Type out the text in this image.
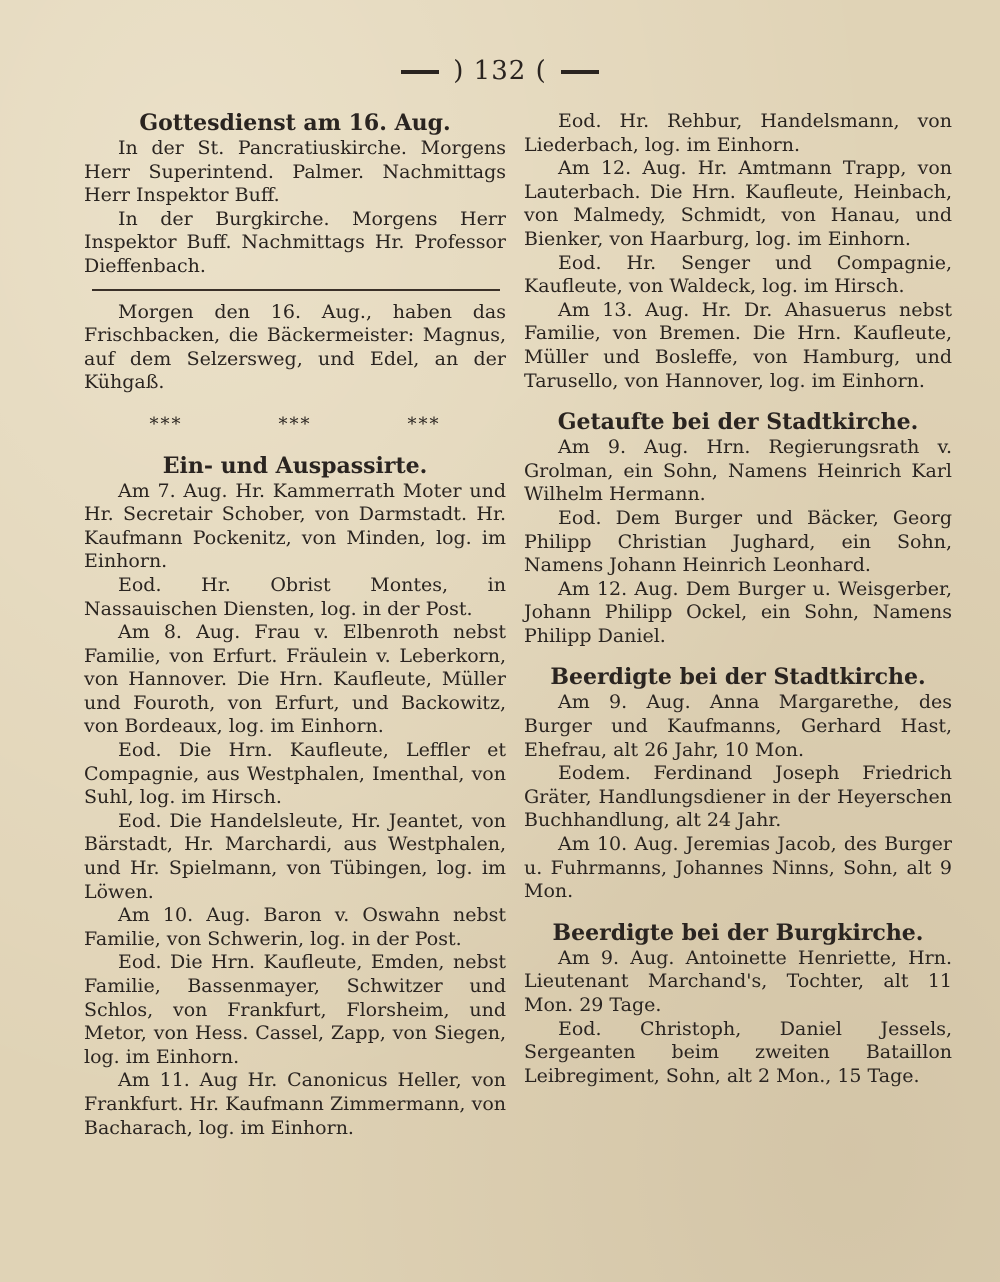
) 132 (
Gottesdienst am 16. Aug.

In der St. Pancratiuskirche. Morgens Herr Superintend. Palmer. Nachmittags Herr Inspektor Buff.

In der Burgkirche. Morgens Herr Inspektor Buff. Nachmittags Hr. Professor Dieffenbach.

Morgen den 16. Aug., haben das Frischbacken, die Bäckermeister: Magnus, auf dem Selzersweg, und Edel, an der Kühgaß.

***	***	***
Ein- und Auspassirte.

Am 7. Aug. Hr. Kammerrath Moter und Hr. Secretair Schober, von Darmstadt. Hr. Kaufmann Pockenitz, von Minden, log. im Einhorn.

Eod. Hr. Obrist Montes, in Nassauischen Diensten, log. in der Post.

Am 8. Aug. Frau v. Elbenroth nebst Familie, von Erfurt. Fräulein v. Leberkorn, von Hannover. Die Hrn. Kaufleute, Müller und Fouroth, von Erfurt, und Backowitz, von Bordeaux, log. im Einhorn.

Eod. Die Hrn. Kaufleute, Leffler et Compagnie, aus Westphalen, Imenthal, von Suhl, log. im Hirsch.

Eod. Die Handelsleute, Hr. Jeantet, von Bärstadt, Hr. Marchardi, aus Westphalen, und Hr. Spielmann, von Tübingen, log. im Löwen.

Am 10. Aug. Baron v. Oswahn nebst Familie, von Schwerin, log. in der Post.

Eod. Die Hrn. Kaufleute, Emden, nebst Familie, Bassenmayer, Schwitzer und Schlos, von Frankfurt, Florsheim, und Metor, von Hess. Cassel, Zapp, von Siegen, log. im Einhorn.

Am 11. Aug Hr. Canonicus Heller, von Frankfurt. Hr. Kaufmann Zimmermann, von Bacharach, log. im Einhorn.

Eod. Hr. Rehbur, Handelsmann, von Liederbach, log. im Einhorn.

Am 12. Aug. Hr. Amtmann Trapp, von Lauterbach. Die Hrn. Kaufleute, Heinbach, von Malmedy, Schmidt, von Hanau, und Bienker, von Haarburg, log. im Einhorn.

Eod. Hr. Senger und Compagnie, Kaufleute, von Waldeck, log. im Hirsch.

Am 13. Aug. Hr. Dr. Ahasuerus nebst Familie, von Bremen. Die Hrn. Kaufleute, Müller und Bosleffe, von Hamburg, und Tarusello, von Hannover, log. im Einhorn.

Getaufte bei der Stadtkirche.

Am 9. Aug. Hrn. Regierungsrath v. Grolman, ein Sohn, Namens Heinrich Karl Wilhelm Hermann.

Eod. Dem Burger und Bäcker, Georg Philipp Christian Jughard, ein Sohn, Namens Johann Heinrich Leonhard.

Am 12. Aug. Dem Burger u. Weisgerber, Johann Philipp Ockel, ein Sohn, Namens Philipp Daniel.

Beerdigte bei der Stadtkirche.

Am 9. Aug. Anna Margarethe, des Burger und Kaufmanns, Gerhard Hast, Ehefrau, alt 26 Jahr, 10 Mon.

Eodem. Ferdinand Joseph Friedrich Gräter, Handlungsdiener in der Heyerschen Buchhandlung, alt 24 Jahr.

Am 10. Aug. Jeremias Jacob, des Burger u. Fuhrmanns, Johannes Ninns, Sohn, alt 9 Mon.

Beerdigte bei der Burgkirche.

Am 9. Aug. Antoinette Henriette, Hrn. Lieutenant Marchand's, Tochter, alt 11 Mon. 29 Tage.

Eod. Christoph, Daniel Jessels, Sergeanten beim zweiten Bataillon Leibregiment, Sohn, alt 2 Mon., 15 Tage.
